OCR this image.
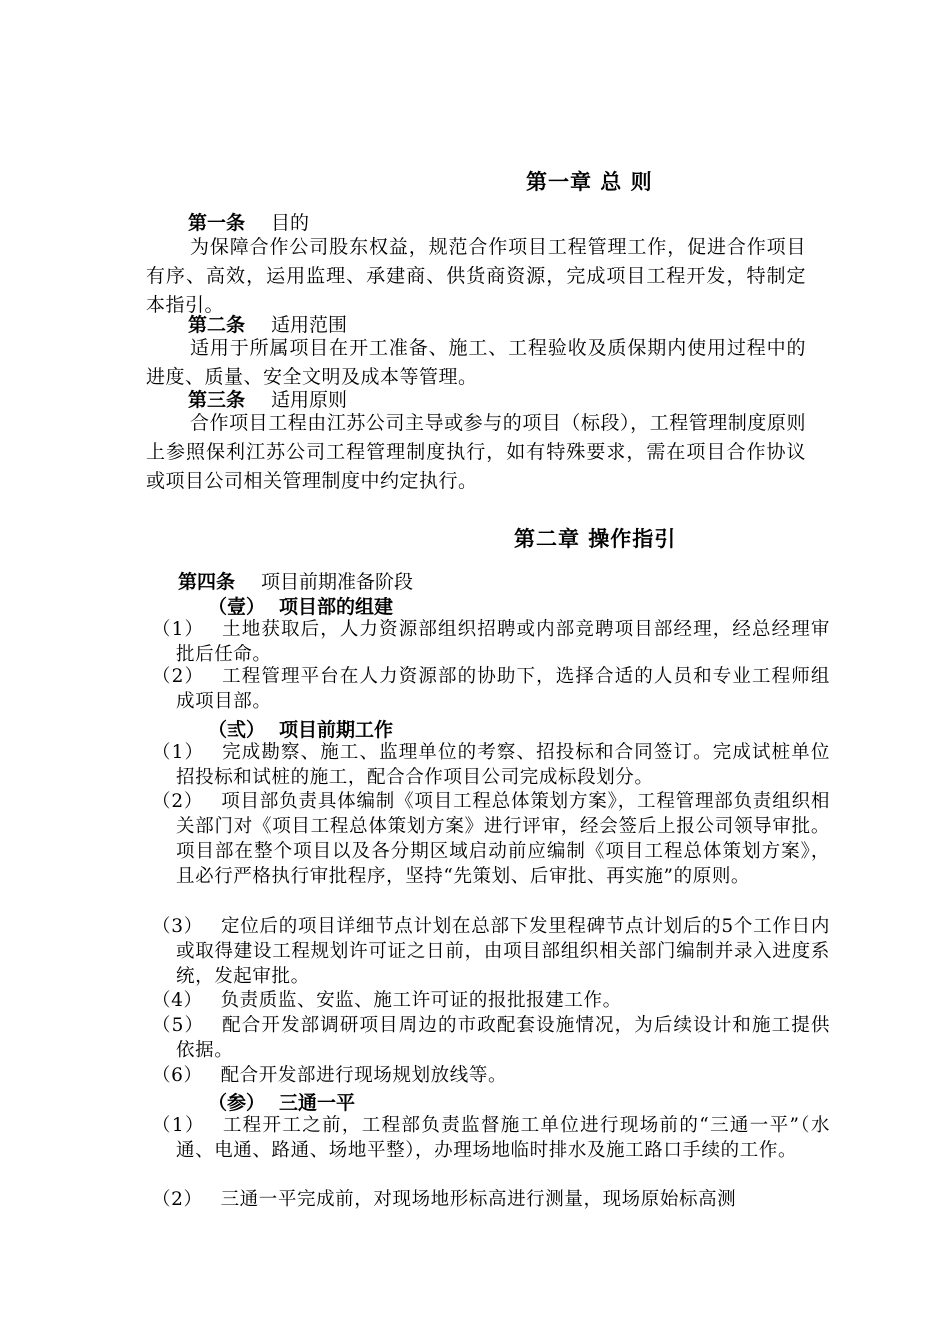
第一章 总 则
第一条 目的
为保障合作公司股东权益，规范合作项目工程管理工作，促进合作项目有序、高效，运用监理、承建商、供货商资源，完成项目工程开发，特制定本指引。
第二条 适用范围
适用于所属项目在开工准备、施工、工程验收及质保期内使用过程中的进度、质量、安全文明及成本等管理。
第三条 适用原则
合作项目工程由江苏公司主导或参与的项目（标段），工程管理制度原则上参照保利江苏公司工程管理制度执行，如有特殊要求，需在项目合作协议或项目公司相关管理制度中约定执行。
第二章 操作指引
第四条 项目前期准备阶段
（壹） 项目部的组建
（1） 土地获取后，人力资源部组织招聘或内部竞聘项目部经理，经总经理审批后任命。
（2） 工程管理平台在人力资源部的协助下，选择合适的人员和专业工程师组成项目部。
（弎） 项目前期工作
（1） 完成勘察、施工、监理单位的考察、招投标和合同签订。完成试桩单位招投标和试桩的施工，配合合作项目公司完成标段划分。
（2） 项目部负责具体编制《项目工程总体策划方案》，工程管理部负责组织相关部门对《项目工程总体策划方案》进行评审，经会签后上报公司领导审批。项目部在整个项目以及各分期区域启动前应编制《项目工程总体策划方案》，且必行严格执行审批程序，坚持“先策划、后审批、再实施”的原则。
（3） 定位后的项目详细节点计划在总部下发里程碑节点计划后的5个工作日内或取得建设工程规划许可证之日前，由项目部组织相关部门编制并录入进度系统，发起审批。
（4） 负责质监、安监、施工许可证的报批报建工作。
（5） 配合开发部调研项目周边的市政配套设施情况，为后续设计和施工提供依据。
（6） 配合开发部进行现场规划放线等。
（参） 三通一平
（1） 工程开工之前，工程部负责监督施工单位进行现场前的“三通一平”（水通、电通、路通、场地平整），办理场地临时排水及施工路口手续的工作。
（2） 三通一平完成前，对现场地形标高进行测量，现场原始标高测
